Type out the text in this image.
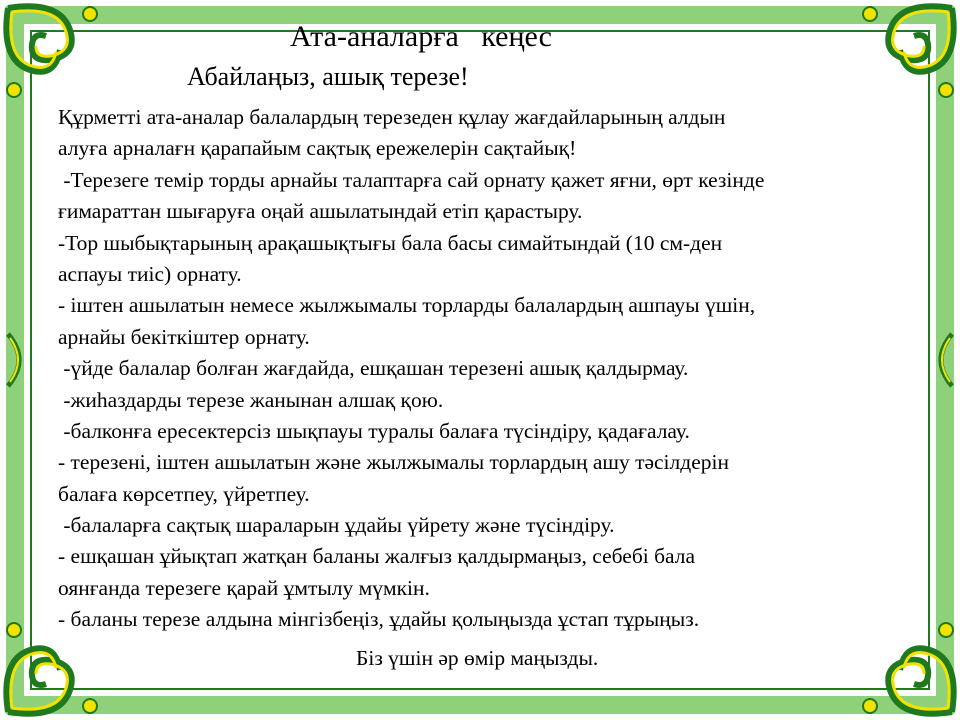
Ата-аналарға   кеңес
Абайлаңыз, ашық терезе!
Құрметті ата-аналар балалардың терезеден құлау жағдайларының алдын
алуға арналағн қарапайым сақтық ережелерін сақтайық!
-Терезеге темір торды арнайы талаптарға сай орнату қажет яғни, өрт кезінде
ғимараттан шығаруға оңай ашылатындай етіп қарастыру.
-Тор шыбықтарының арақашықтығы бала басы симайтындай (10 см-ден
аспауы тиіс) орнату.
- іштен ашылатын немесе жылжымалы торларды балалардың ашпауы үшін,
арнайы бекіткіштер орнату.
-үйде балалар болған жағдайда, ешқашан терезені ашық қалдырмау.
-жиһаздарды терезе жанынан алшақ қою.
-балконға ересектерсіз шықпауы туралы балаға түсіндіру, қадағалау.
- терезені, іштен ашылатын және жылжымалы торлардың ашу тәсілдерін
балаға көрсетпеу, үйретпеу.
-балаларға сақтық шараларын ұдайы үйрету және түсіндіру.
- ешқашан ұйықтап жатқан баланы жалғыз қалдырмаңыз, себебі бала
оянғанда терезеге қарай ұмтылу мүмкін.
- баланы терезе алдына мінгізбеңіз, ұдайы қолыңызда ұстап тұрыңыз.
Біз үшін әр өмір маңызды.
